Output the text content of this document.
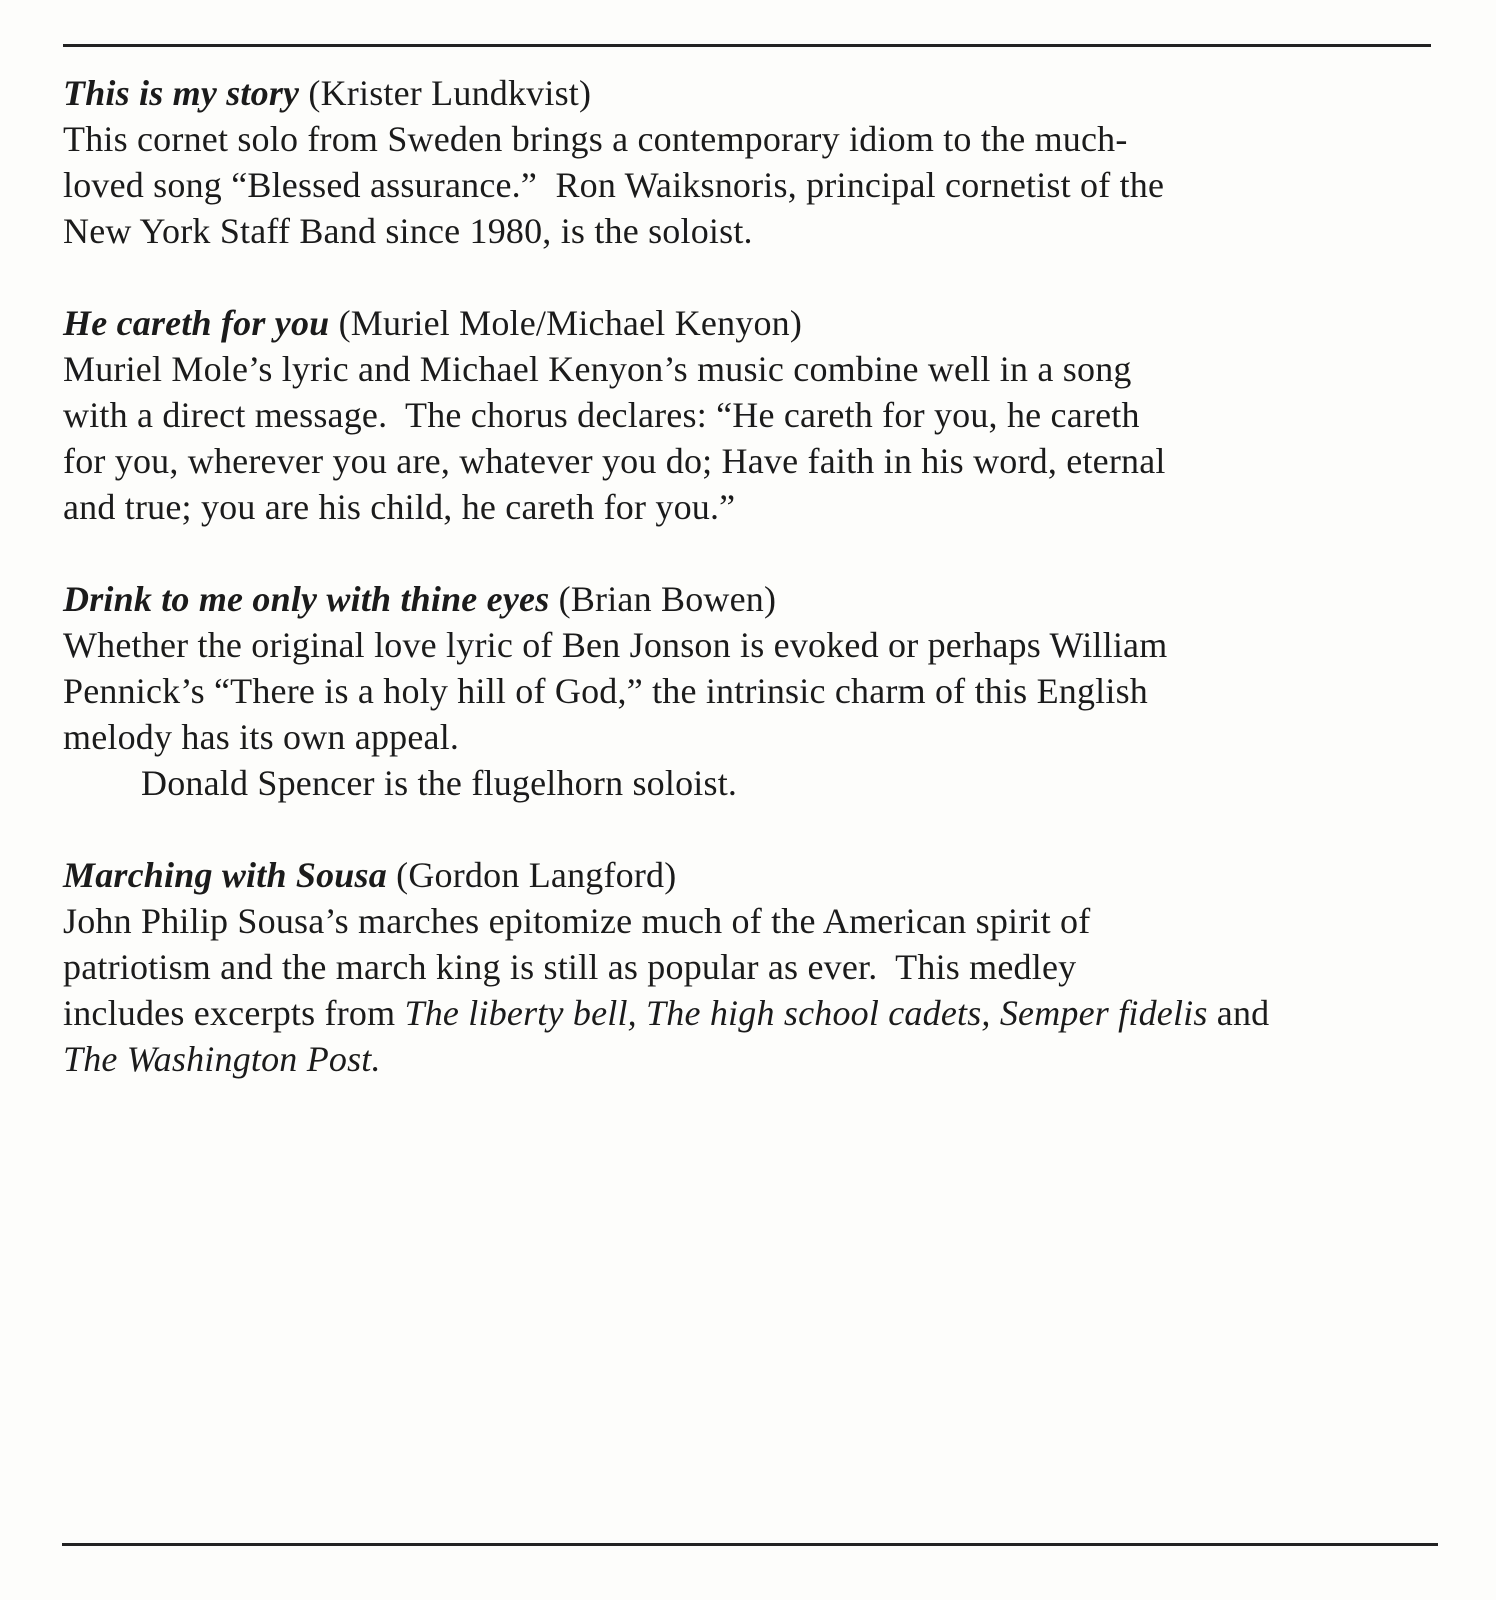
This is my story (Krister Lundkvist)
This cornet solo from Sweden brings a contemporary idiom to the much-
loved song “Blessed assurance.”  Ron Waiksnoris, principal cornetist of the
New York Staff Band since 1980, is the soloist.
He careth for you (Muriel Mole/Michael Kenyon)
Muriel Mole’s lyric and Michael Kenyon’s music combine well in a song
with a direct message.  The chorus declares: “He careth for you, he careth
for you, wherever you are, whatever you do; Have faith in his word, eternal
and true; you are his child, he careth for you.”
Drink to me only with thine eyes (Brian Bowen)
Whether the original love lyric of Ben Jonson is evoked or perhaps William
Pennick’s “There is a holy hill of God,” the intrinsic charm of this English
melody has its own appeal.
Donald Spencer is the flugelhorn soloist.
Marching with Sousa (Gordon Langford)
John Philip Sousa’s marches epitomize much of the American spirit of
patriotism and the march king is still as popular as ever.  This medley
includes excerpts from The liberty bell, The high school cadets, Semper fidelis and
The Washington Post.
